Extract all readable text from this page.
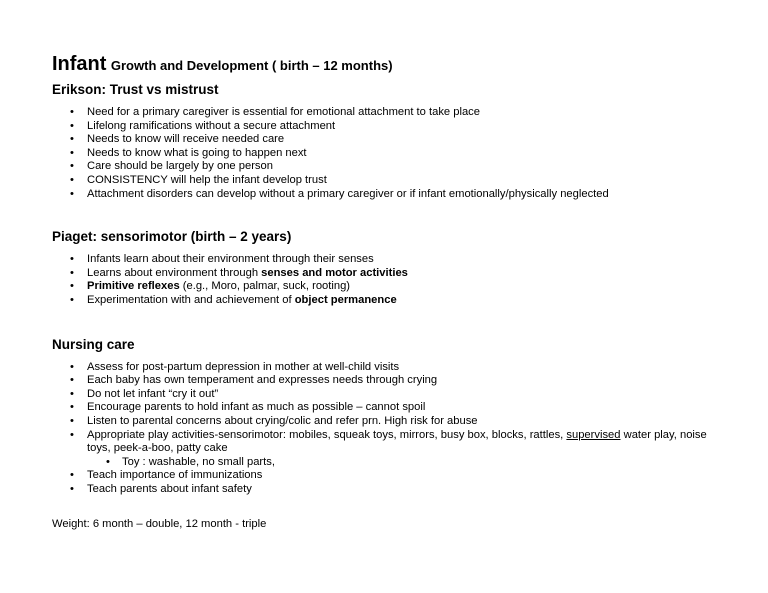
Infant Growth and Development ( birth – 12 months)
Erikson: Trust vs mistrust
• Need for a primary caregiver is essential for emotional attachment to take place
• Lifelong ramifications without a secure attachment
• Needs to know will receive needed care
• Needs to know what is going to happen next
• Care should be largely by one person
• CONSISTENCY will help the infant develop trust
• Attachment disorders can develop without a primary caregiver or if infant emotionally/physically neglected
Piaget: sensorimotor (birth – 2 years)
• Infants learn about their environment through their senses
• Learns about environment through senses and motor activities
• Primitive reflexes (e.g., Moro, palmar, suck, rooting)
• Experimentation with and achievement of object permanence
Nursing care
• Assess for post-partum depression in mother at well-child visits
• Each baby has own temperament and expresses needs through crying
• Do not let infant “cry it out”
• Encourage parents to hold infant as much as possible – cannot spoil
• Listen to parental concerns about crying/colic and refer prn. High risk for abuse
• Appropriate play activities-sensorimotor: mobiles, squeak toys, mirrors, busy box, blocks, rattles, supervised water play, noise toys, peek-a-boo, patty cake
• Toy : washable, no small parts,
• Teach importance of immunizations
• Teach parents about infant safety
Weight: 6 month – double, 12 month - triple
